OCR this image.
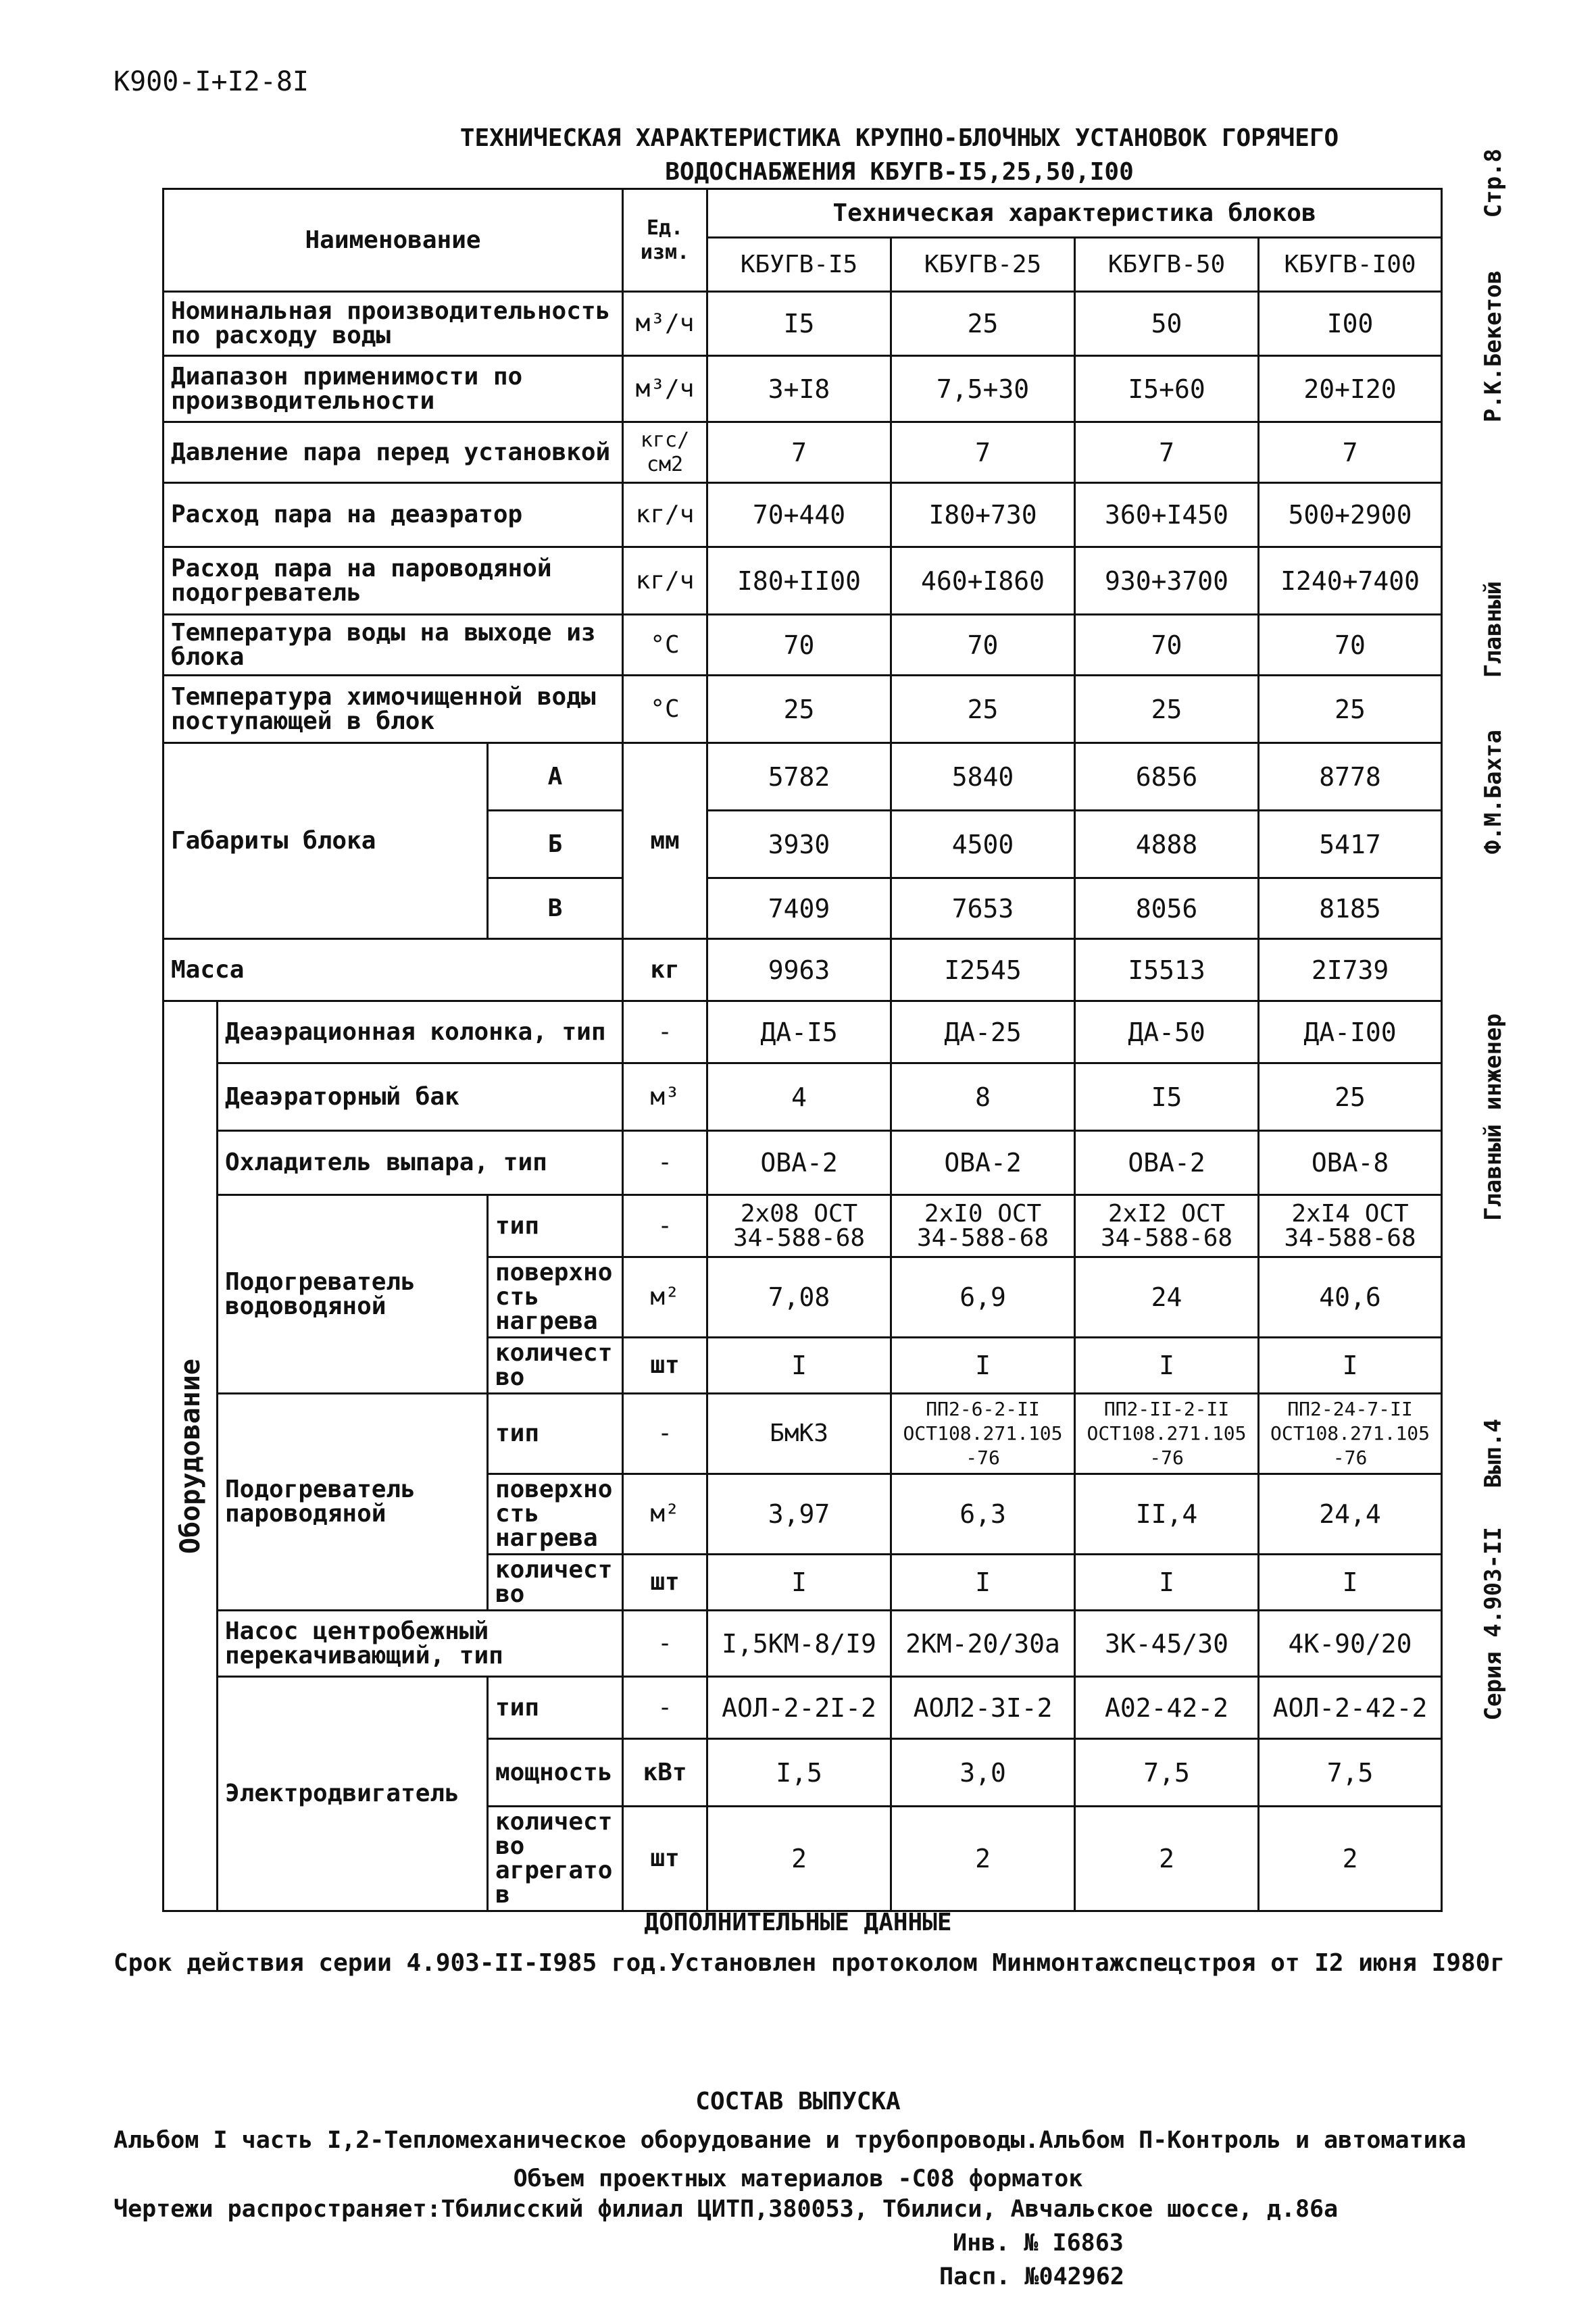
К900-I+I2-8I
ТЕХНИЧЕСКАЯ ХАРАКТЕРИСТИКА КРУПНО-БЛОЧНЫХ УСТАНОВОК ГОРЯЧЕГО
ВОДОСНАБЖЕНИЯ КБУГВ-I5,25,50,I00
Наименование			Ед. изм.	Техническая характеристика блоков			
				КБУГВ-I5	КБУГВ-25	КБУГВ-50	КБУГВ-I00
Номинальная производительность по расходу воды			м³/ч	I5	25	50	I00
Диапазон применимости по производительности			м³/ч	3+I8	7,5+30	I5+60	20+I20
Давление пара перед установкой			кгс/ см2	7	7	7	7
Расход пара на деаэратор			кг/ч	70+440	I80+730	360+I450	500+2900
Расход пара на пароводяной подогреватель			кг/ч	I80+II00	460+I860	930+3700	I240+7400
Температура воды на выходе из блока			°C	70	70	70	70
Температура химочищенной воды поступающей в блок			°C	25	25	25	25
Габариты блока		А	мм	5782	5840	6856	8778
		Б		3930	4500	4888	5417
		В		7409	7653	8056	8185
Масса			кг	9963	I2545	I5513	2I739

Оборудование	Деаэрационная колонка, тип		-	ДА-I5	ДА-25	ДА-50	ДА-I00
	Деаэраторный бак		м³	4	8	I5	25
	Охладитель выпара, тип		-	ОВА-2	ОВА-2	ОВА-2	ОВА-8
	Подогреватель водоводяной	тип	-	2х08 ОСТ 34-588-68	2хI0 ОСТ 34-588-68	2хI2 ОСТ 34-588-68	2хI4 ОСТ 34-588-68
		поверхность нагрева	м²	7,08	6,9	24	40,6
		количество	шт	I	I	I	I
	Подогреватель пароводяной	тип	-	БмКЗ	ПП2-6-2-II ОСТ108.271.105-76	ПП2-II-2-II ОСТ108.271.105-76	ПП2-24-7-II ОСТ108.271.105-76
		поверхность нагрева	м²	3,97	6,3	II,4	24,4
		количество	шт	I	I	I	I
	Насос центробежный перекачивающий, тип		-	I,5КМ-8/I9	2КМ-20/30а	3К-45/30	4К-90/20
	Электродвигатель	тип	-	АОЛ-2-2I-2	АОЛ2-3I-2	А02-42-2	АОЛ-2-42-2
		мощность	кВт	I,5	3,0	7,5	7,5
		количество агрегатов	шт	2	2	2	2
Стр.8
Р.К.Бекетов
Главный
Ф.М.Бахта
Главный инженер
Вып.4
Серия 4.903-II
ДОПОЛНИТЕЛЬНЫЕ ДАННЫЕ
Срок действия серии 4.903-II-I985 год.Установлен протоколом Минмонтажспецстроя от I2 июня I980г
СОСТАВ ВЫПУСКА
Альбом I часть I,2-Тепломеханическое оборудование и трубопроводы.Альбом П-Контроль и автоматика
Объем проектных материалов -С08 форматок
Чертежи распространяет:Тбилисский филиал ЦИТП,380053, Тбилиси, Авчальское шоссе, д.86а
Инв. № I6863
Пасп. №042962
